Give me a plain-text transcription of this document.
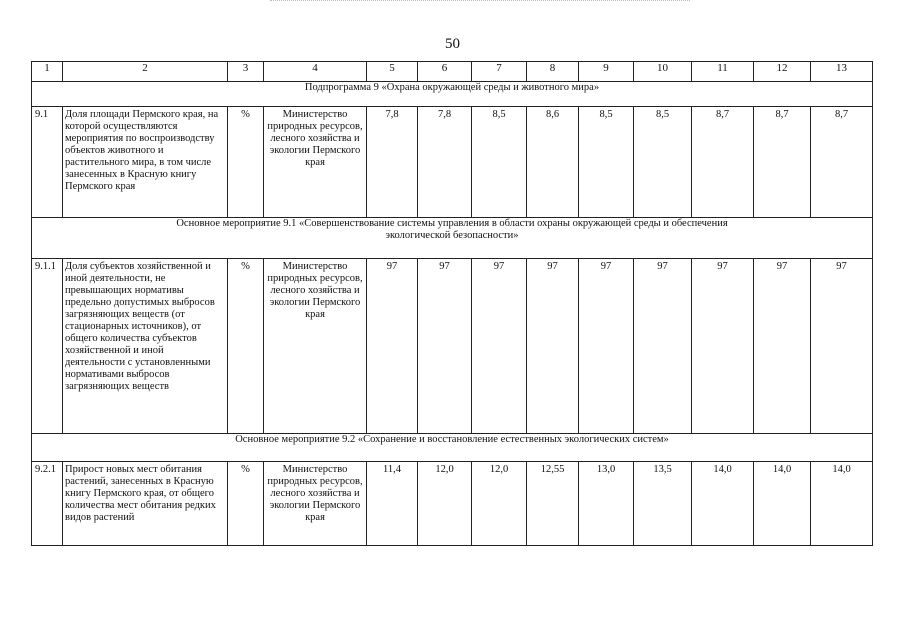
50
1	2	3	4	5	6	7	8	9	10	11	12	13
Подпрограмма 9 «Охрана окружающей среды и животного мира»												
9.1	Доля площади Пермского края, на которой осуществляются мероприятия по воспроизводству объектов животного и растительного мира, в том числе занесенных в Красную книгу Пермского края	%	Министерство природных ресурсов, лесного хозяйства и экологии Пермского края	7,8	7,8	8,5	8,6	8,5	8,5	8,7	8,7	8,7
Основное мероприятие 9.1 «Совершенствование системы управления в области охраны окружающей среды и обеспечения экологической безопасности»												
9.1.1	Доля субъектов хозяйственной и иной деятельности, не превышающих нормативы предельно допустимых выбросов загрязняющих веществ (от стационарных источников), от общего количества субъектов хозяйственной и иной деятельности с установленными нормативами выбросов загрязняющих веществ	%	Министерство природных ресурсов, лесного хозяйства и экологии Пермского края	97	97	97	97	97	97	97	97	97
Основное мероприятие 9.2 «Сохранение и восстановление естественных экологических систем»												
9.2.1	Прирост новых мест обитания растений, занесенных в Красную книгу Пермского края, от общего количества мест обитания редких видов растений	%	Министерство природных ресурсов, лесного хозяйства и экологии Пермского края	11,4	12,0	12,0	12,55	13,0	13,5	14,0	14,0	14,0
